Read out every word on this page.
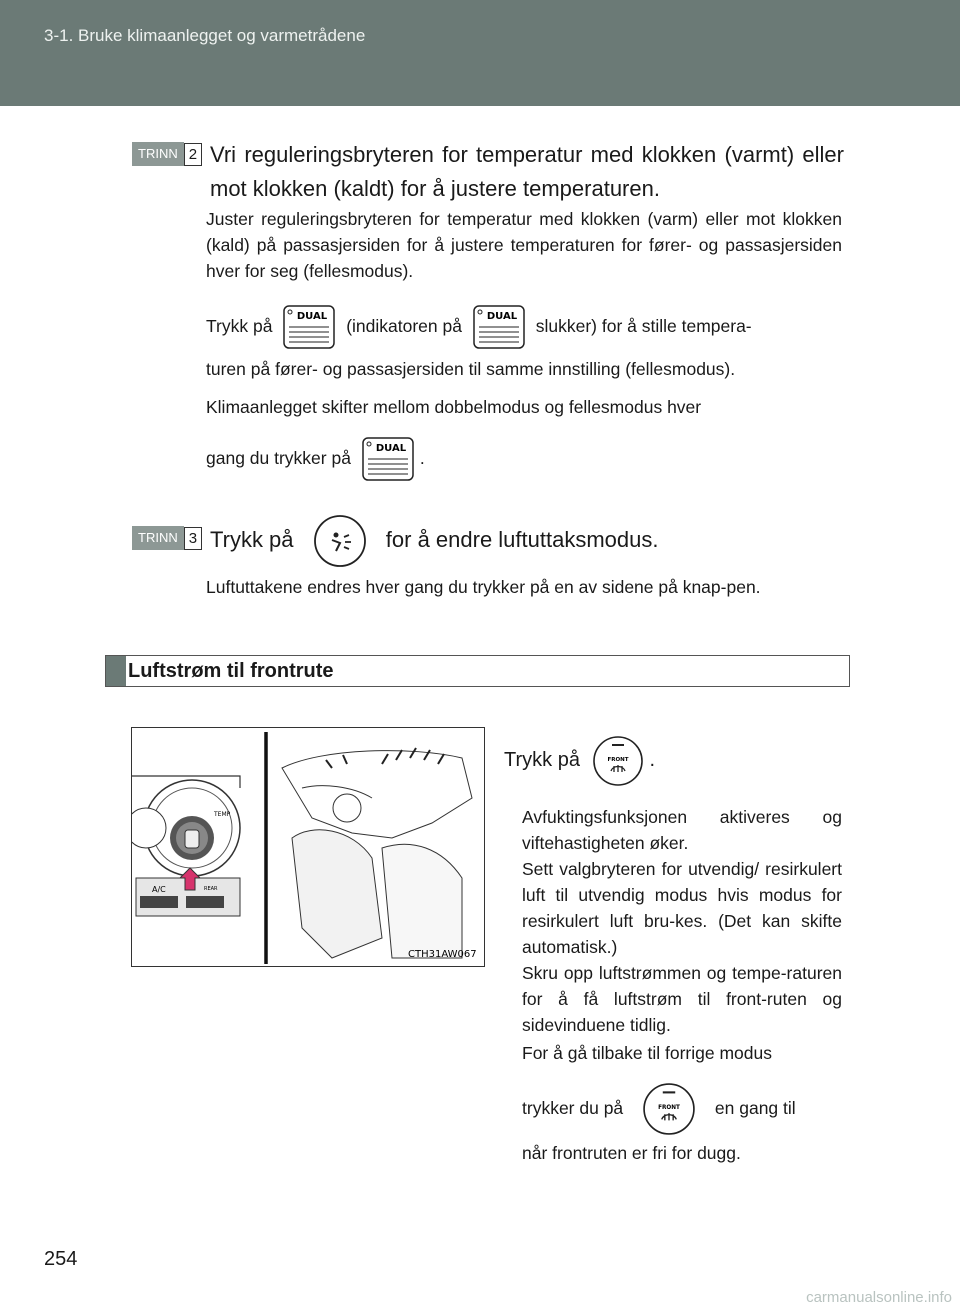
3-1. Bruke klimaanlegget og varmetrådene
TRINN 2 Vri reguleringsbryteren for temperatur med klokken (varmt) eller mot klokken (kaldt) for å justere temperaturen.
Juster reguleringsbryteren for temperatur med klokken (varm) eller mot klokken (kald) på passasjersiden for å justere temperaturen for fører- og passasjersiden hver for seg (fellesmodus).
Trykk på DUAL (indikatoren på DUAL slukker) for å stille tempera-
turen på fører- og passasjersiden til samme innstilling (fellesmodus).
Klimaanlegget skifter mellom dobbelmodus og fellesmodus hver
gang du trykker på DUAL .
TRINN 3 Trykk på	for å endre luftuttaksmodus.
Luftuttakene endres hver gang du trykker på en av sidene på knap-pen.
Luftstrøm til frontrute
TEMP
A/C	REAR
CTH31AW067
Trykk på	FRONT .
Avfuktingsfunksjonen aktiveres og viftehastigheten øker.
Sett valgbryteren for utvendig/ resirkulert luft til utvendig modus hvis modus for resirkulert luft bru-kes. (Det kan skifte automatisk.)
Skru opp luftstrømmen og tempe-raturen for å få luftstrøm til front-ruten og sidevinduene tidlig.
For å gå tilbake til forrige modus
trykker du på	FRONT en gang til
når frontruten er fri for dugg.
254
carmanualsonline.info
